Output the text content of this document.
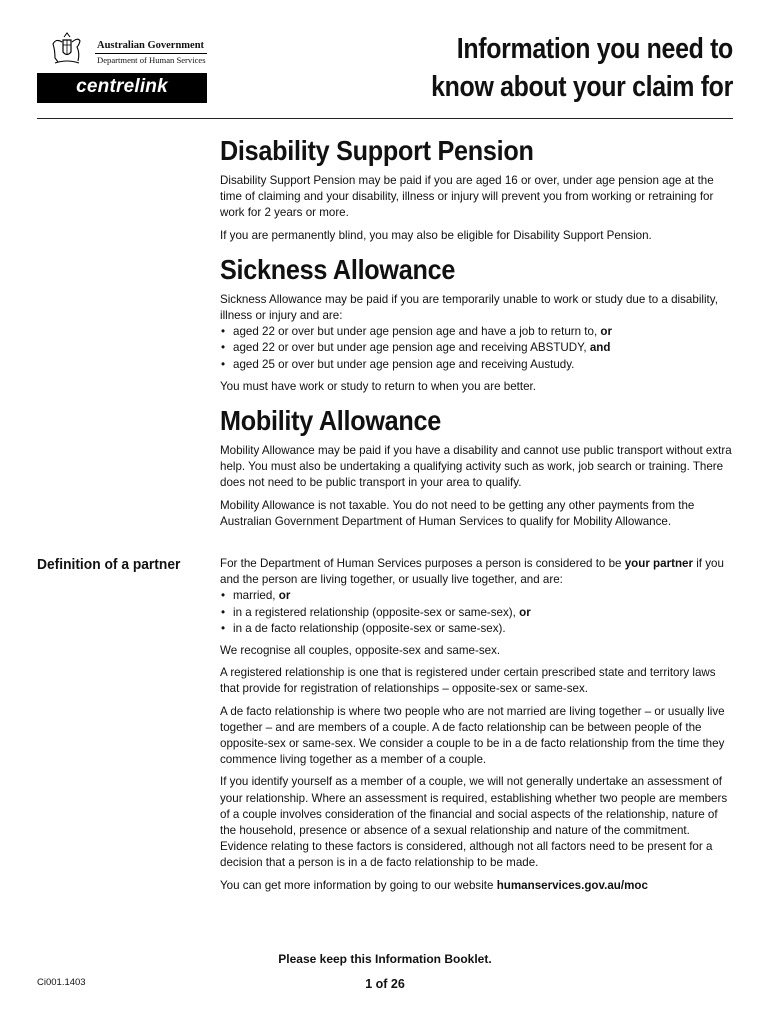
Australian Government
Department of Human Services
centrelink
Information you need to
know about your claim for
Disability Support Pension

Disability Support Pension may be paid if you are aged 16 or over, under age pension age at the time of claiming and your disability, illness or injury will prevent you from working or retraining for work for 2 years or more.

If you are permanently blind, you may also be eligible for Disability Support Pension.

Sickness Allowance

Sickness Allowance may be paid if you are temporarily unable to work or study due to a disability, illness or injury and are:

• aged 22 or over but under age pension age and have a job to return to, or
• aged 22 or over but under age pension age and receiving ABSTUDY, and
• aged 25 or over but under age pension age and receiving Austudy.

You must have work or study to return to when you are better.

Mobility Allowance

Mobility Allowance may be paid if you have a disability and cannot use public transport without extra help. You must also be undertaking a qualifying activity such as work, job search or training. There does not need to be public transport in your area to qualify.

Mobility Allowance is not taxable. You do not need to be getting any other payments from the Australian Government Department of Human Services to qualify for Mobility Allowance.

Definition of a partner	For the Department of Human Services purposes a person is considered to be your partner if you and the person are living together, or usually live together, and are:

• married, or
• in a registered relationship (opposite-sex or same-sex), or
• in a de facto relationship (opposite-sex or same-sex).

We recognise all couples, opposite-sex and same-sex.

A registered relationship is one that is registered under certain prescribed state and territory laws that provide for registration of relationships – opposite-sex or same-sex.

A de facto relationship is where two people who are not married are living together – or usually live together – and are members of a couple. A de facto relationship can be between people of the opposite-sex or same-sex. We consider a couple to be in a de facto relationship from the time they commence living together as a member of a couple.

If you identify yourself as a member of a couple, we will not generally undertake an assessment of your relationship. Where an assessment is required, establishing whether two people are members of a couple involves consideration of the financial and social aspects of the relationship, nature of the household, presence or absence of a sexual relationship and nature of the commitment. Evidence relating to these factors is considered, although not all factors need to be present for a decision that a person is in a de facto relationship to be made.

You can get more information by going to our website humanservices.gov.au/moc

Please keep this Information Booklet.
Ci001.1403	1 of 26
